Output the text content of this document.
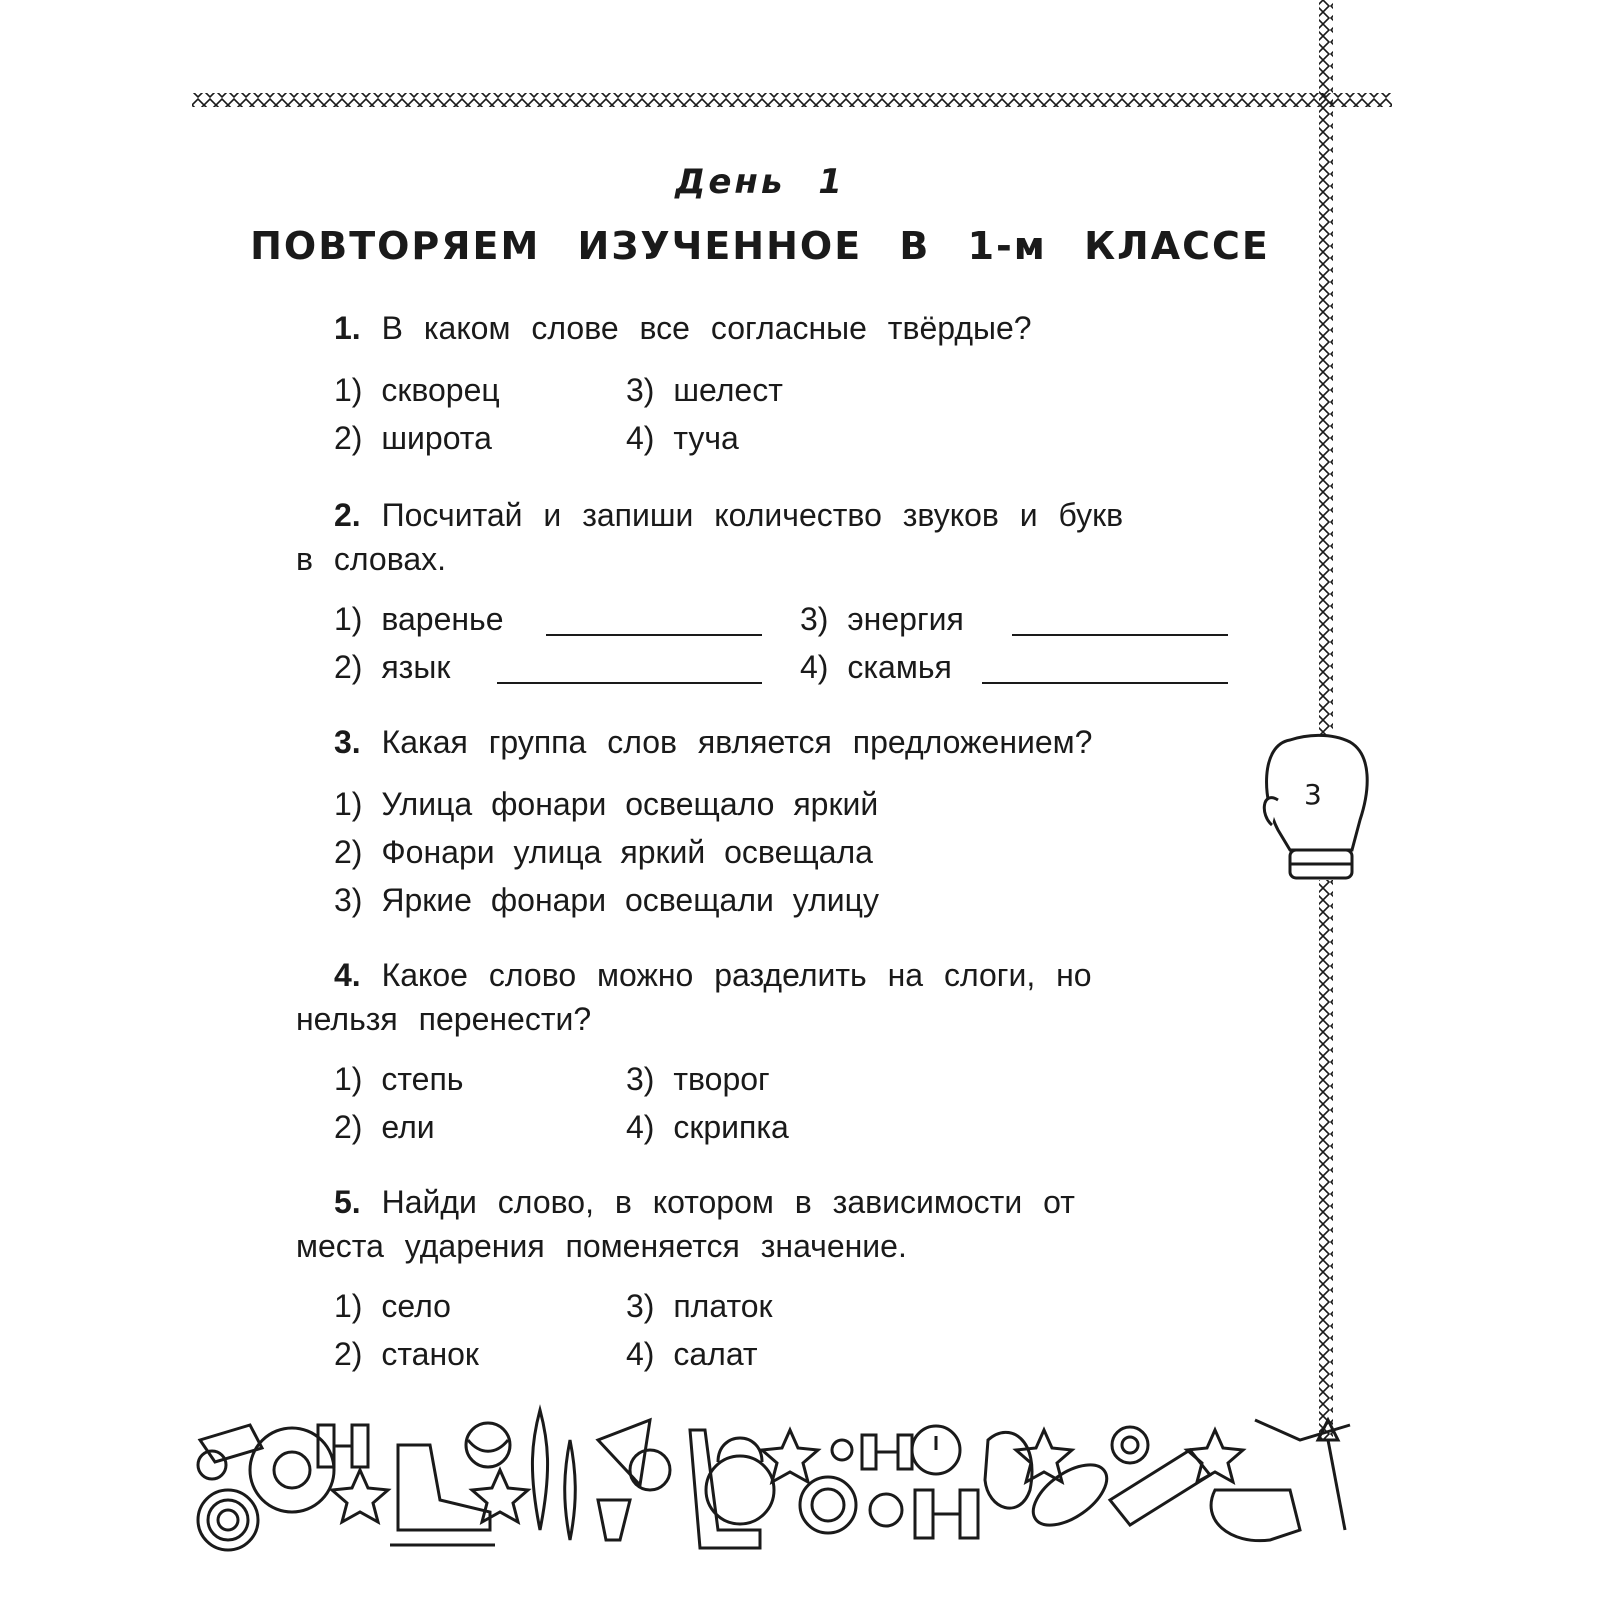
3
День 1
ПОВТОРЯЕМ ИЗУЧЕННОЕ В 1-м КЛАССЕ
1. В каком слове все согласные твёрдые?
1) скворец
2) широта
3) шелест
4) туча
2. Посчитай и запиши количество звуков и букв
в словах.
1) варенье
2) язык
3) энергия
4) скамья
3. Какая группа слов является предложением?
1) Улица фонари освещало яркий
2) Фонари улица яркий освещала
3) Яркие фонари освещали улицу
4. Какое слово можно разделить на слоги, но
нельзя перенести?
1) степь
2) ели
3) творог
4) скрипка
5. Найди слово, в котором в зависимости от
места ударения поменяется значение.
1) село
2) станок
3) платок
4) салат
